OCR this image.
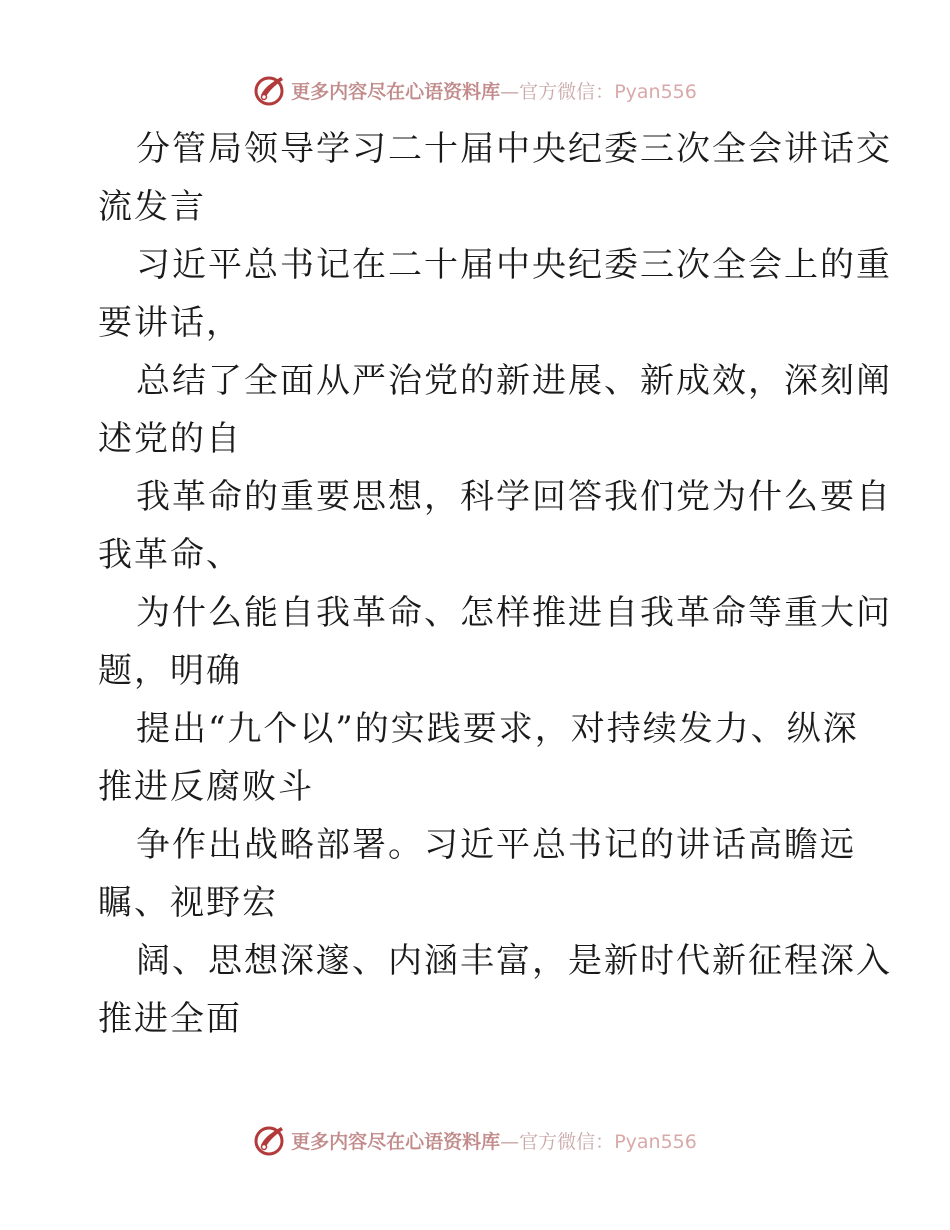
更多内容尽在心语资料库—官方微信：Pyan556
分管局领导学习二十届中央纪委三次全会讲话交
流发言
习近平总书记在二十届中央纪委三次全会上的重
要讲话，
总结了全面从严治党的新进展、新成效，深刻阐
述党的自
我革命的重要思想，科学回答我们党为什么要自
我革命、
为什么能自我革命、怎样推进自我革命等重大问
题，明确
提出“九个以”的实践要求，对持续发力、纵深
推进反腐败斗
争作出战略部署。习近平总书记的讲话高瞻远
瞩、视野宏
阔、思想深邃、内涵丰富，是新时代新征程深入
推进全面
更多内容尽在心语资料库—官方微信：Pyan556
